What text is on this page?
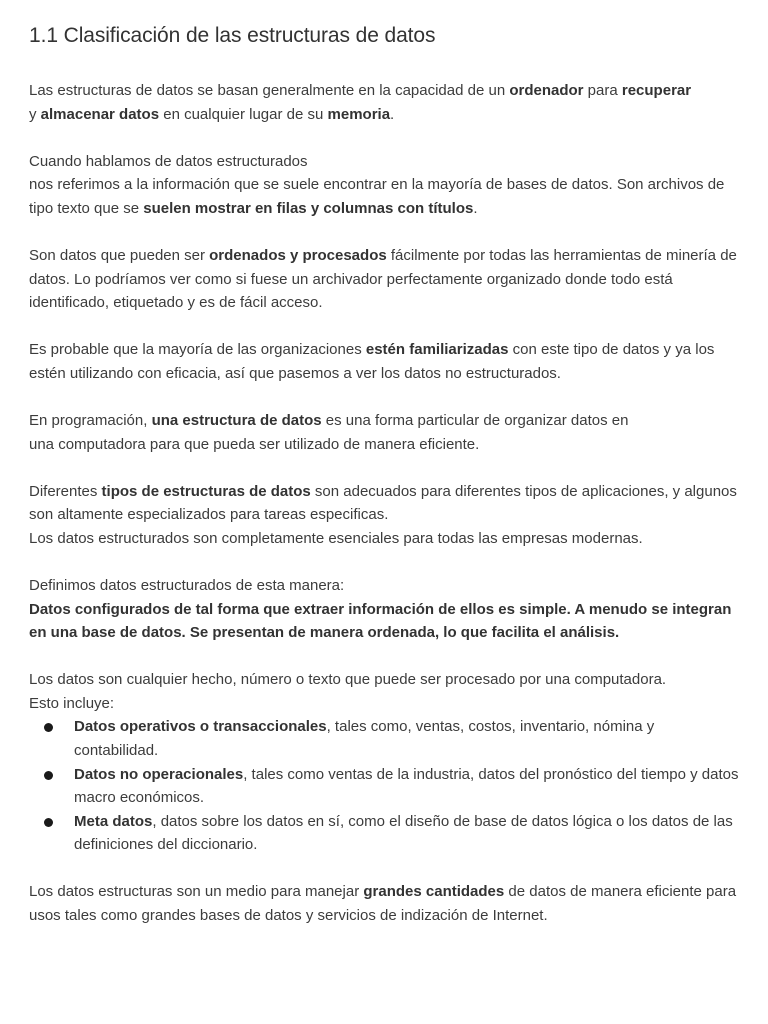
1.1 Clasificación de las estructuras de datos

Las estructuras de datos se basan generalmente en la capacidad de un ordenador para recuperar
y almacenar datos en cualquier lugar de su memoria.

Cuando hablamos de datos estructurados
nos referimos a la información que se suele encontrar en la mayoría de bases de datos. Son archivos de tipo texto que se suelen mostrar en filas y columnas con títulos.

Son datos que pueden ser ordenados y procesados fácilmente por todas las herramientas de minería de datos. Lo podríamos ver como si fuese un archivador perfectamente organizado donde todo está identificado, etiquetado y es de fácil acceso.

Es probable que la mayoría de las organizaciones estén familiarizadas con este tipo de datos y ya los estén utilizando con eficacia, así que pasemos a ver los datos no estructurados.

En programación, una estructura de datos es una forma particular de organizar datos en
una computadora para que pueda ser utilizado de manera eficiente.

Diferentes tipos de estructuras de datos son adecuados para diferentes tipos de aplicaciones, y algunos son altamente especializados para tareas especificas.
Los datos estructurados son completamente esenciales para todas las empresas modernas.

Definimos datos estructurados de esta manera:
Datos configurados de tal forma que extraer información de ellos es simple. A menudo se integran en una base de datos. Se presentan de manera ordenada, lo que facilita el análisis.

Los datos son cualquier hecho, número o texto que puede ser procesado por una computadora.
Esto incluye:

Datos operativos o transaccionales, tales como, ventas, costos, inventario, nómina y contabilidad.
Datos no operacionales, tales como ventas de la industria, datos del pronóstico del tiempo y datos macro económicos.
Meta datos, datos sobre los datos en sí, como el diseño de base de datos lógica o los datos de las definiciones del diccionario.

Los datos estructuras son un medio para manejar grandes cantidades de datos de manera eficiente para usos tales como grandes bases de datos y servicios de indización de Internet.
